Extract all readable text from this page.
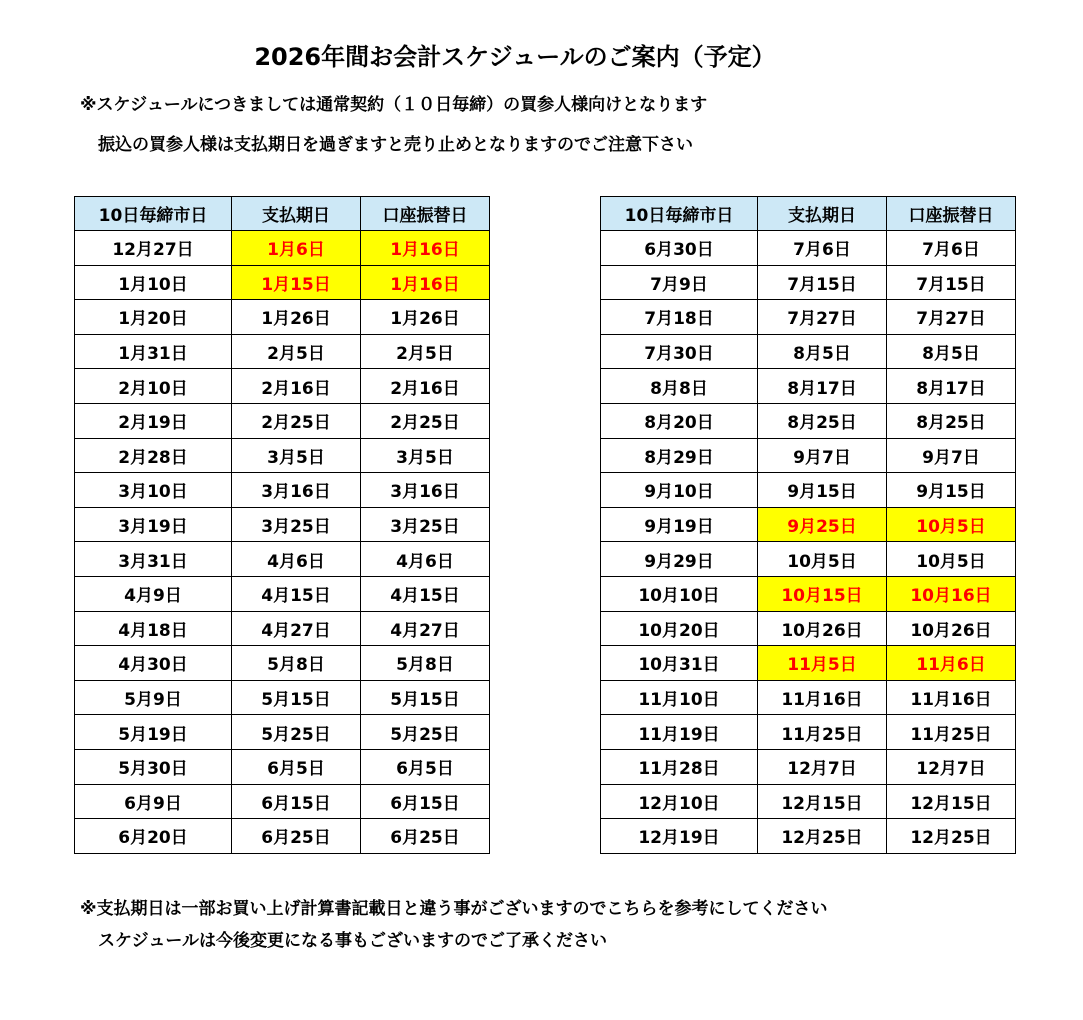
2026年間お会計スケジュールのご案内（予定）
※スケジュールにつきましては通常契約（１０日毎締）の買参人様向けとなります
振込の買参人様は支払期日を過ぎますと売り止めとなりますのでご注意下さい
10日毎締市日	支払期日	口座振替日
12月27日	1月6日	1月16日
1月10日	1月15日	1月16日
1月20日	1月26日	1月26日
1月31日	2月5日	2月5日
2月10日	2月16日	2月16日
2月19日	2月25日	2月25日
2月28日	3月5日	3月5日
3月10日	3月16日	3月16日
3月19日	3月25日	3月25日
3月31日	4月6日	4月6日
4月9日	4月15日	4月15日
4月18日	4月27日	4月27日
4月30日	5月8日	5月8日
5月9日	5月15日	5月15日
5月19日	5月25日	5月25日
5月30日	6月5日	6月5日
6月9日	6月15日	6月15日
6月20日	6月25日	6月25日
10日毎締市日	支払期日	口座振替日
6月30日	7月6日	7月6日
7月9日	7月15日	7月15日
7月18日	7月27日	7月27日
7月30日	8月5日	8月5日
8月8日	8月17日	8月17日
8月20日	8月25日	8月25日
8月29日	9月7日	9月7日
9月10日	9月15日	9月15日
9月19日	9月25日	10月5日
9月29日	10月5日	10月5日
10月10日	10月15日	10月16日
10月20日	10月26日	10月26日
10月31日	11月5日	11月6日
11月10日	11月16日	11月16日
11月19日	11月25日	11月25日
11月28日	12月7日	12月7日
12月10日	12月15日	12月15日
12月19日	12月25日	12月25日
※支払期日は一部お買い上げ計算書記載日と違う事がございますのでこちらを参考にしてください
スケジュールは今後変更になる事もございますのでご了承ください
